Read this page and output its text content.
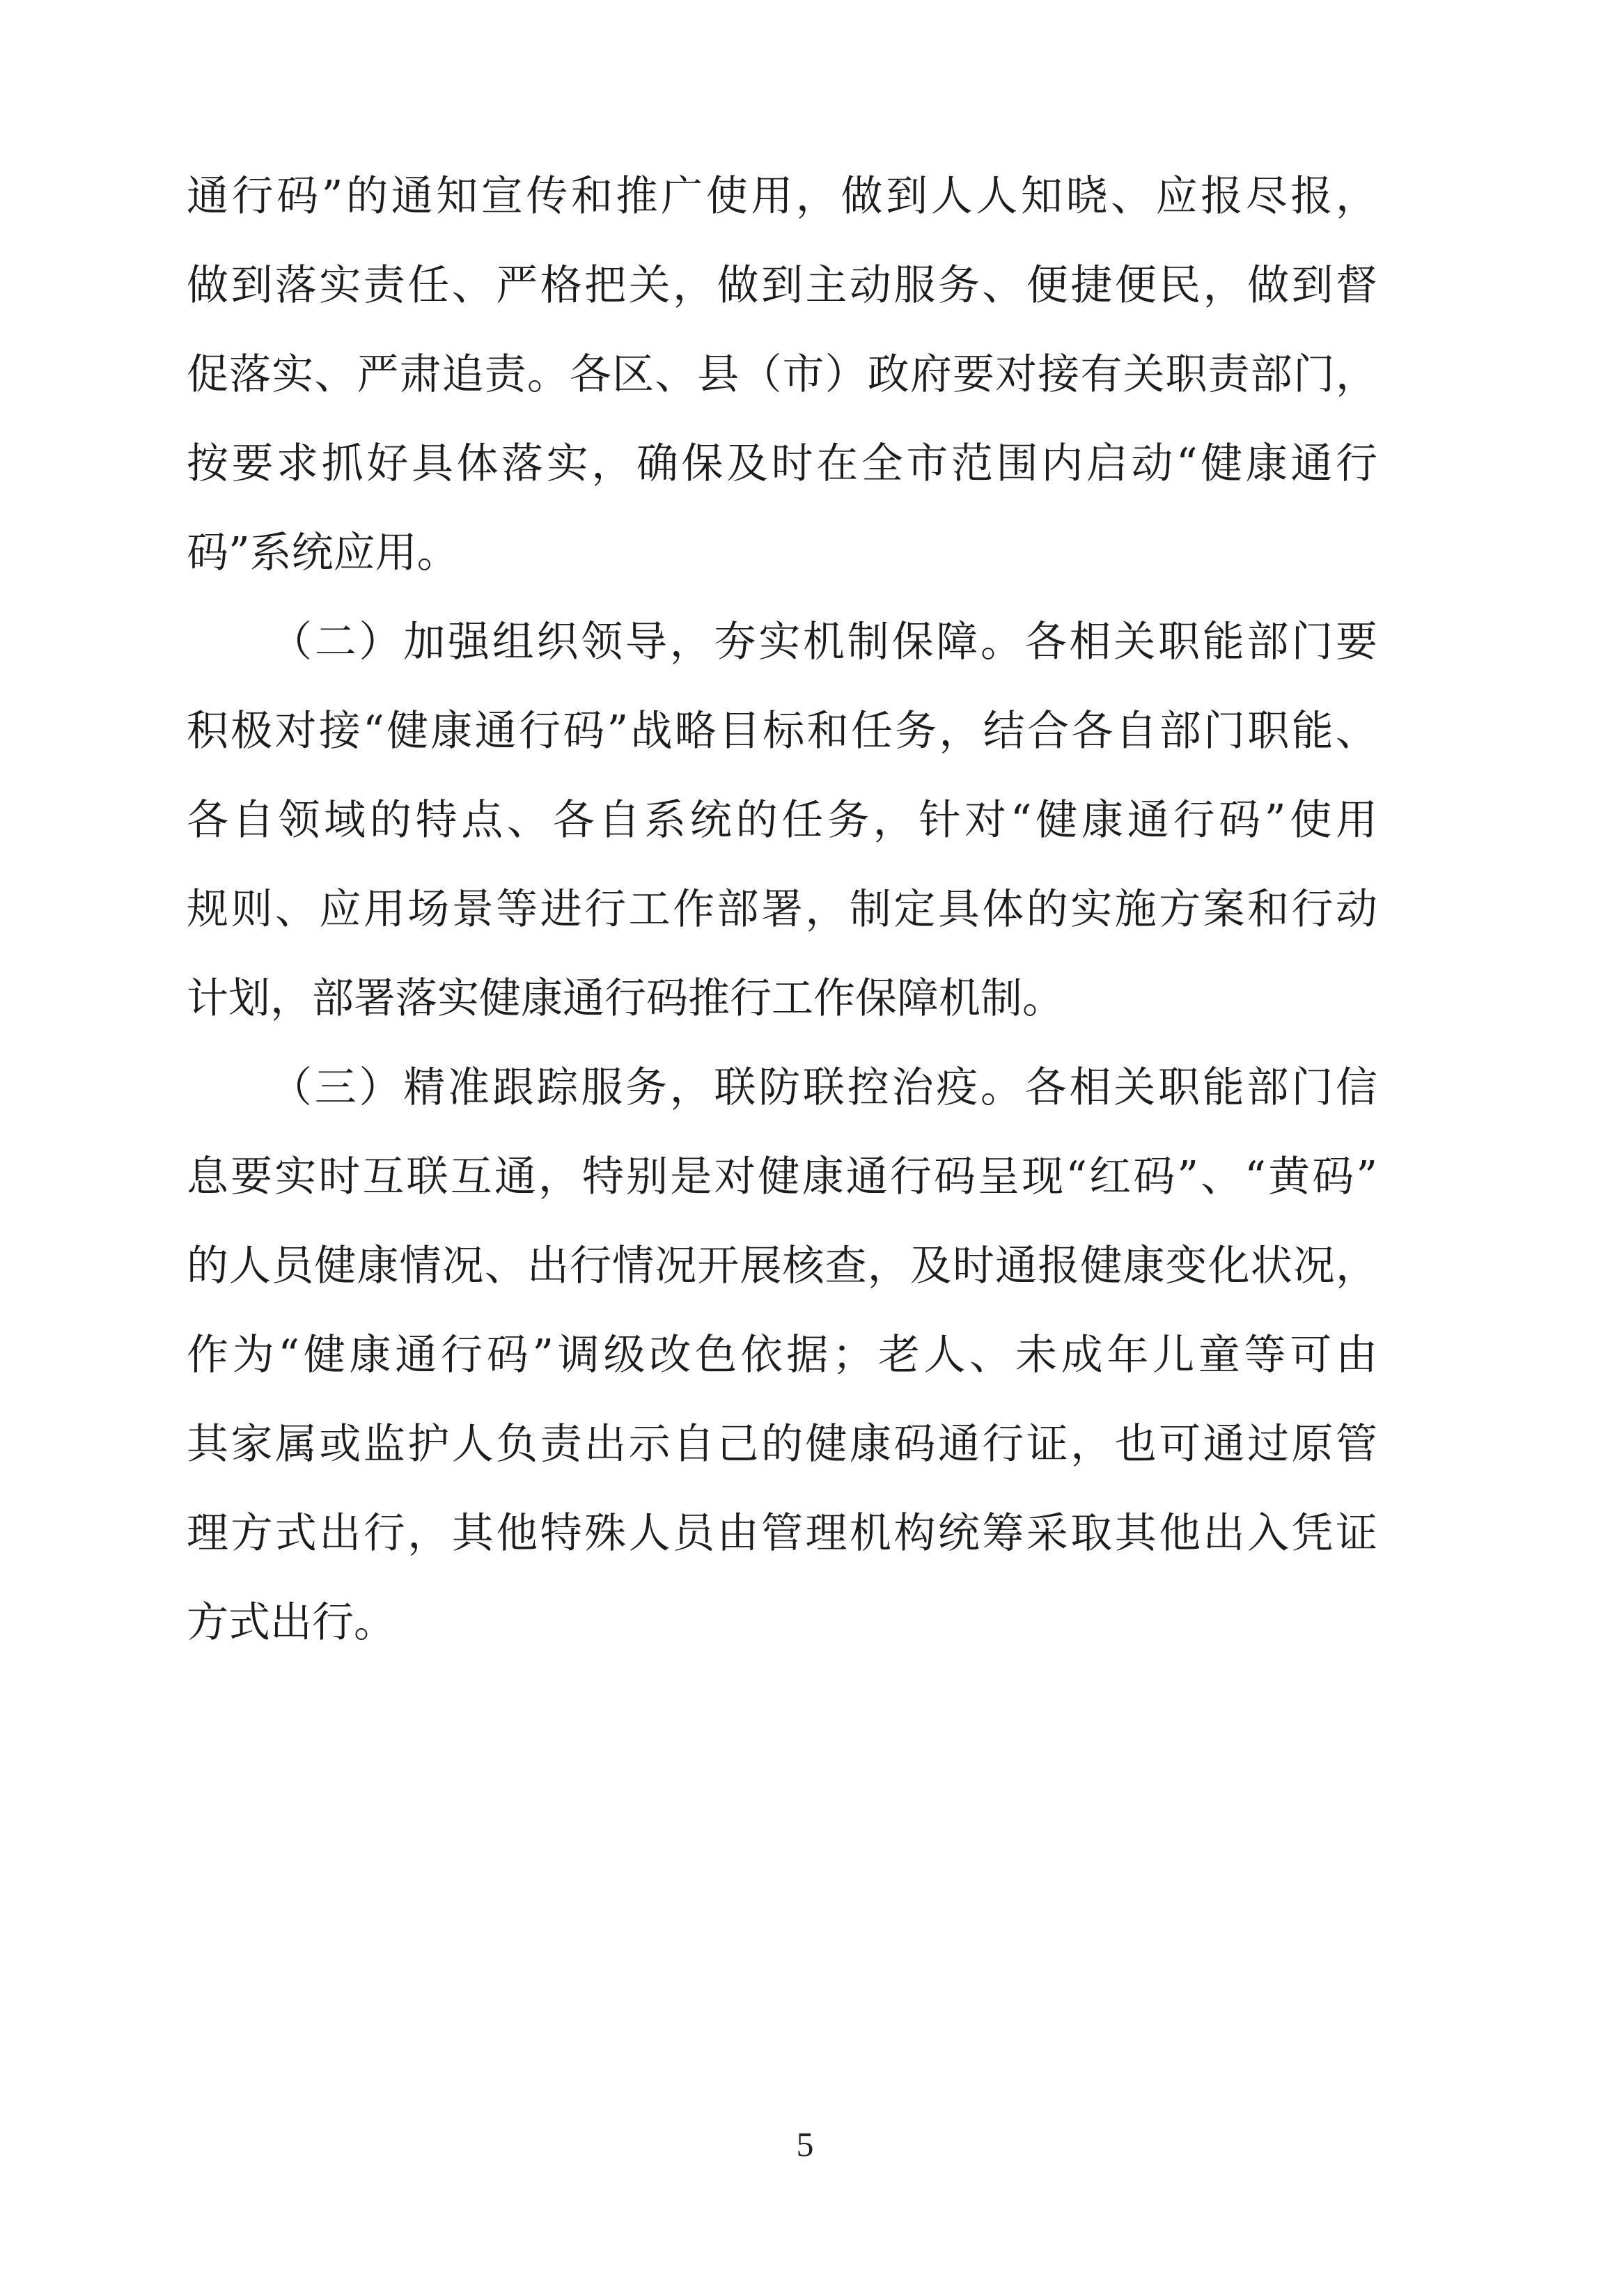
通行码”的通知宣传和推广使用，做到人人知晓、应报尽报，
做到落实责任、严格把关，做到主动服务、便捷便民，做到督
促落实、严肃追责。各区、县（市）政府要对接有关职责部门，
按要求抓好具体落实，确保及时在全市范围内启动“健康通行
码”系统应用。
（二）加强组织领导，夯实机制保障。各相关职能部门要
积极对接“健康通行码”战略目标和任务，结合各自部门职能、
各自领域的特点、各自系统的任务，针对“健康通行码”使用
规则、应用场景等进行工作部署，制定具体的实施方案和行动
计划，部署落实健康通行码推行工作保障机制。
（三）精准跟踪服务，联防联控治疫。各相关职能部门信
息要实时互联互通，特别是对健康通行码呈现“红码”、“黄码”
的人员健康情况、出行情况开展核查，及时通报健康变化状况，
作为“健康通行码”调级改色依据；老人、未成年儿童等可由
其家属或监护人负责出示自己的健康码通行证，也可通过原管
理方式出行，其他特殊人员由管理机构统筹采取其他出入凭证
方式出行。
5
